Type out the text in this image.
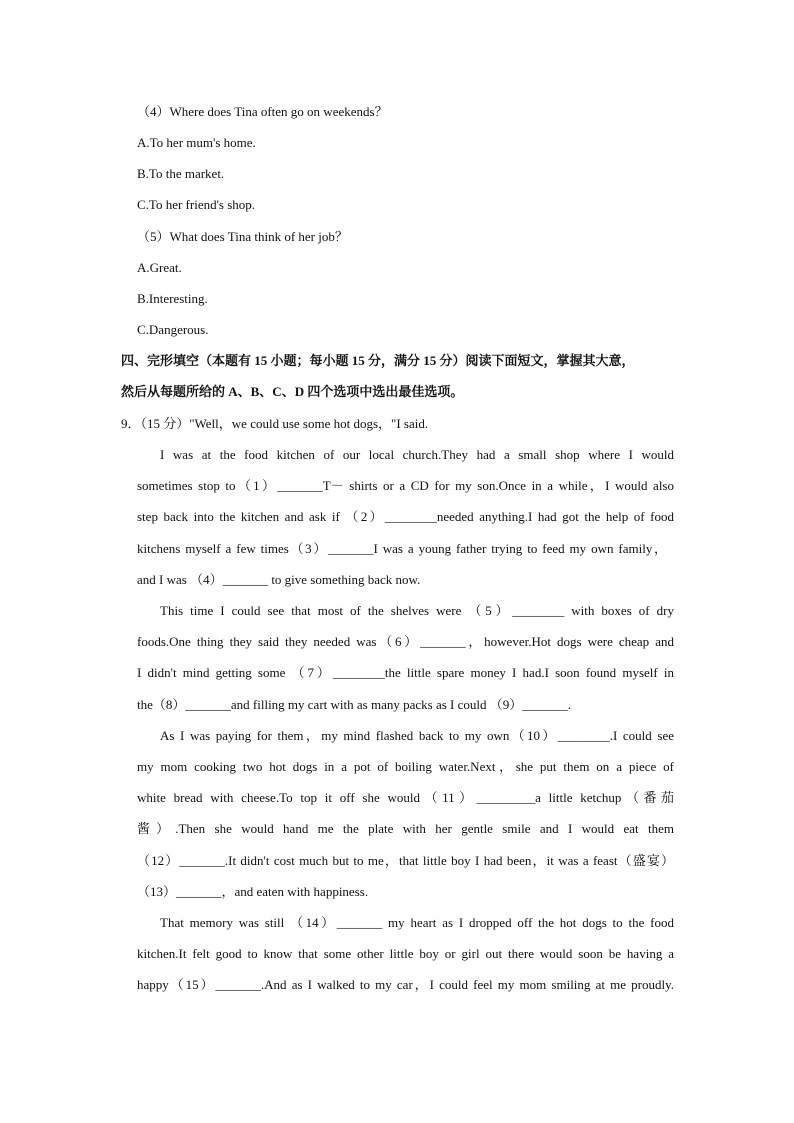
（4）Where does Tina often go on weekends？
A.To her mum's home.
B.To the market.
C.To her friend's shop.
（5）What does Tina think of her job？
A.Great.
B.Interesting.
C.Dangerous.
四、完形填空（本题有 15 小题；每小题 15 分，满分 15 分）阅读下面短文，掌握其大意，
然后从每题所给的 A、B、C、D 四个选项中选出最佳选项。
9．（15 分）"Well，we could use some hot dogs，"I said.
I was at the food kitchen of our local church.They had a small shop where I would
sometimes stop to（1）_______T－ shirts or a CD for my son.Once in a while，I would also
step back into the kitchen and ask if （2）________needed anything.I had got the help of food
kitchens myself a few times（3）_______I was a young father trying to feed my own family，
and I was （4）_______ to give something back now.
This time I could see that most of the shelves were （5）________ with boxes of dry
foods.One thing they said they needed was（6）_______，however.Hot dogs were cheap and
I didn't mind getting some （7）________the little spare money I had.I soon found myself in
the（8）_______and filling my cart with as many packs as I could （9）_______.
As I was paying for them，my mind flashed back to my own（10）________.I could see
my mom cooking two hot dogs in a pot of boiling water.Next，she put them on a piece of
white bread with cheese.To top it off she would（11）_________a little ketchup（番茄
酱）.Then she would hand me the plate with her gentle smile and I would eat them
（12）_______.It didn't cost much but to me，that little boy I had been，it was a feast（盛宴）
（13）_______，and eaten with happiness.
That memory was still （14）_______ my heart as I dropped off the hot dogs to the food
kitchen.It felt good to know that some other little boy or girl out there would soon be having a
happy（15）_______.And as I walked to my car，I could feel my mom smiling at me proudly.
